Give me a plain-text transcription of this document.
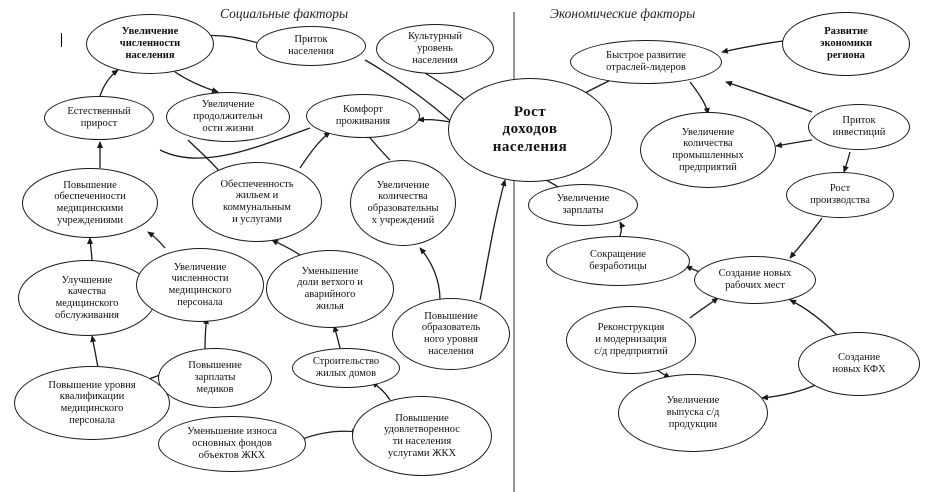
Социальные факторы	Экономические факторы
Увеличение
численности
населения
Приток
населения
Культурный
уровень
населения
Естественный
прирост
Увеличение
продолжительн
ости жизни
Комфорт
проживания
Повышение
обеспеченности
медицинскими
учреждениями
Обеспеченность
жильем и
коммунальным
и услугами
Увеличение
количества
образовательны
х учреждений
Улучшение
качества
медицинского
обслуживания
Увеличение
численности
медицинского
персонала
Уменьшение
доли ветхого и
аварийного
жилья
Повышение
образователь
ного уровня
населения
Повышение
зарплаты
медиков
Строительство
жилых домов
Повышение уровня
квалификации
медицинского
персонала
Уменьшение износа
основных фондов
объектов ЖКХ
Повышение
удовлетвореннос
ти населения
услугами ЖКХ
Рост
доходов
населения
Развитие
экономики
региона
Быстрое развитие
отраслей-лидеров
Приток
инвестиций
Увеличение
количества
промышленных
предприятий
Увеличение
зарплаты
Рост
производства
Сокращение
безработицы
Создание новых
рабочих мест
Реконструкция
и модернизация
с/д предприятий
Создание
новых КФХ
Увеличение
выпуска с/д
продукции
